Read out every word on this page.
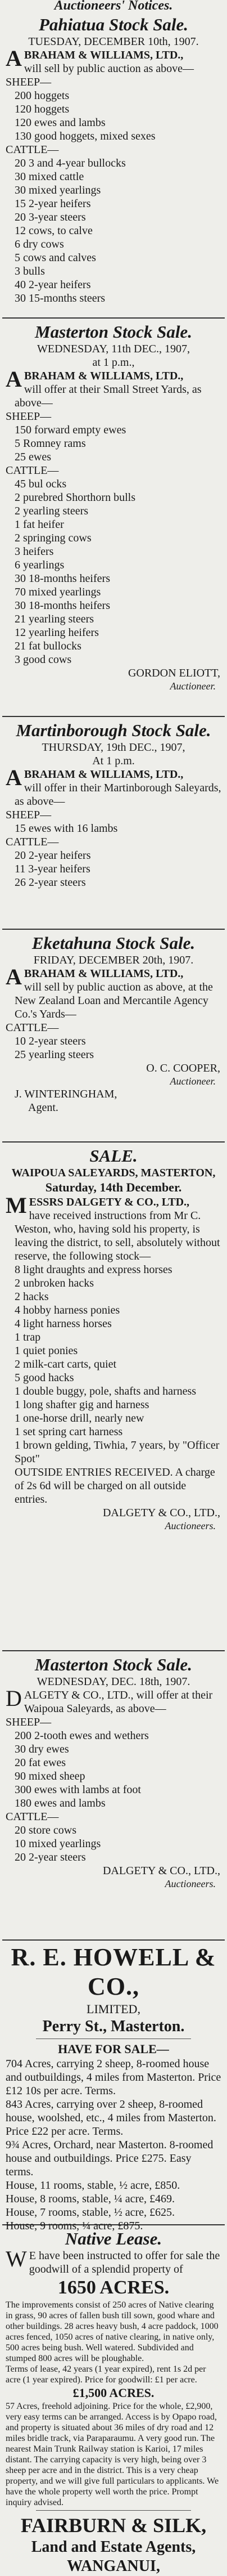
Auctioneers' Notices.
Pahiatua Stock Sale.
TUESDAY, DECEMBER 10th, 1907.
ABRAHAM & WILLIAMS, LTD.,
will sell by public auction as above—
SHEEP—
200 hoggets
120 hoggets
120 ewes and lambs
130 good hoggets, mixed sexes
CATTLE—
20 3 and 4-year bullocks
30 mixed cattle
30 mixed yearlings
15 2-year heifers
20 3-year steers
12 cows, to calve
6 dry cows
5 cows and calves
3 bulls
40 2-year heifers
30 15-months steers
Masterton Stock Sale.
WEDNESDAY, 11th DEC., 1907,
at 1 p.m.,
ABRAHAM & WILLIAMS, LTD.,
will offer at their Small Street Yards, as above—
SHEEP—
150 forward empty ewes
5 Romney rams
25 ewes
CATTLE—
45 bul ocks
2 purebred Shorthorn bulls
2 yearling steers
1 fat heifer
2 springing cows
3 heifers
6 yearlings
30 18-months heifers
70 mixed yearlings
30 18-months heifers
21 yearling steers
12 yearling heifers
21 fat bullocks
3 good cows
GORDON ELIOTT,
Auctioneer.
Martinborough Stock Sale.
THURSDAY, 19th DEC., 1907,
At 1 p.m.
ABRAHAM & WILLIAMS, LTD.,
will offer in their Martinborough Saleyards, as above—
SHEEP—
15 ewes with 16 lambs
CATTLE—
20 2-year heifers
11 3-year heifers
26 2-year steers
Eketahuna Stock Sale.
FRIDAY, DECEMBER 20th, 1907.
ABRAHAM & WILLIAMS, LTD.,
will sell by public auction as above, at the New Zealand Loan and Mercantile Agency Co.'s Yards—
CATTLE—
10 2-year steers
25 yearling steers
O. C. COOPER,
Auctioneer.
J. WINTERINGHAM,
Agent.
SALE.
WAIPOUA SALEYARDS, MASTERTON,
Saturday, 14th December.
MESSRS DALGETY & CO., LTD.,
have received instructions from Mr C. Weston, who, having sold his property, is leaving the district, to sell, absolutely without reserve, the following stock—
8 light draughts and express horses
2 unbroken hacks
2 hacks
4 hobby harness ponies
4 light harness horses
1 trap
1 quiet ponies
2 milk-cart carts, quiet
5 good hacks
1 double buggy, pole, shafts and harness
1 long shafter gig and harness
1 one-horse drill, nearly new
1 set spring cart harness
1 brown gelding, Tiwhia, 7 years, by "Officer Spot"
OUTSIDE ENTRIES RECEIVED. A charge of 2s 6d will be charged on all outside entries.
DALGETY & CO., LTD.,
Auctioneers.
Masterton Stock Sale.
WEDNESDAY, DEC. 18th, 1907.
DALGETY & CO., LTD., will offer at their Waipoua Saleyards, as above—
SHEEP—
200 2-tooth ewes and wethers
30 dry ewes
20 fat ewes
90 mixed sheep
300 ewes with lambs at foot
180 ewes and lambs
CATTLE—
20 store cows
10 mixed yearlings
20 2-year steers
DALGETY & CO., LTD.,
Auctioneers.
R. E. HOWELL & CO.,
LIMITED,
Perry St., Masterton.
HAVE FOR SALE—
704 Acres, carrying 2 sheep, 8-roomed house and outbuildings, 4 miles from Masterton. Price £12 10s per acre. Terms.
843 Acres, carrying over 2 sheep, 8-roomed house, woolshed, etc., 4 miles from Masterton. Price £22 per acre. Terms.
9¾ Acres, Orchard, near Masterton. 8-roomed house and outbuildings. Price £275. Easy terms.
House, 11 rooms, stable, ½ acre, £850.
House, 8 rooms, stable, ¼ acre, £469.
House, 7 rooms, stable, ½ acre, £625.
House, 9 rooms, ¼ acre, £875.
Native Lease.
WE have been instructed to offer for sale the goodwill of a splendid property of
1650 ACRES.
The improvements consist of 250 acres of Native clearing in grass, 90 acres of fallen bush till sown, good whare and other buildings. 28 acres heavy bush, 4 acre paddock, 1000 acres fenced, 1050 acres of native clearing, in native only, 500 acres being bush. Well watered. Subdivided and stumped 800 acres will be ploughable.
Terms of lease, 42 years (1 year expired), rent 1s 2d per acre (1 year expired). Price for goodwill: £1 per acre.
£1,500 ACRES.
57 Acres, freehold adjoining. Price for the whole, £2,900, very easy terms can be arranged. Access is by Opapo road, and property is situated about 36 miles of dry road and 12 miles bridle track, via Paraparaumu. A very good run. The nearest Main Trunk Railway station is Karioi, 17 miles distant. The carrying capacity is very high, being over 3 sheep per acre and in the district. This is a very cheap property, and we will give full particulars to applicants. We have the whole property well worth the price. Prompt inquiry advised.
FAIRBURN & SILK,
Land and Estate Agents,
WANGANUI,
